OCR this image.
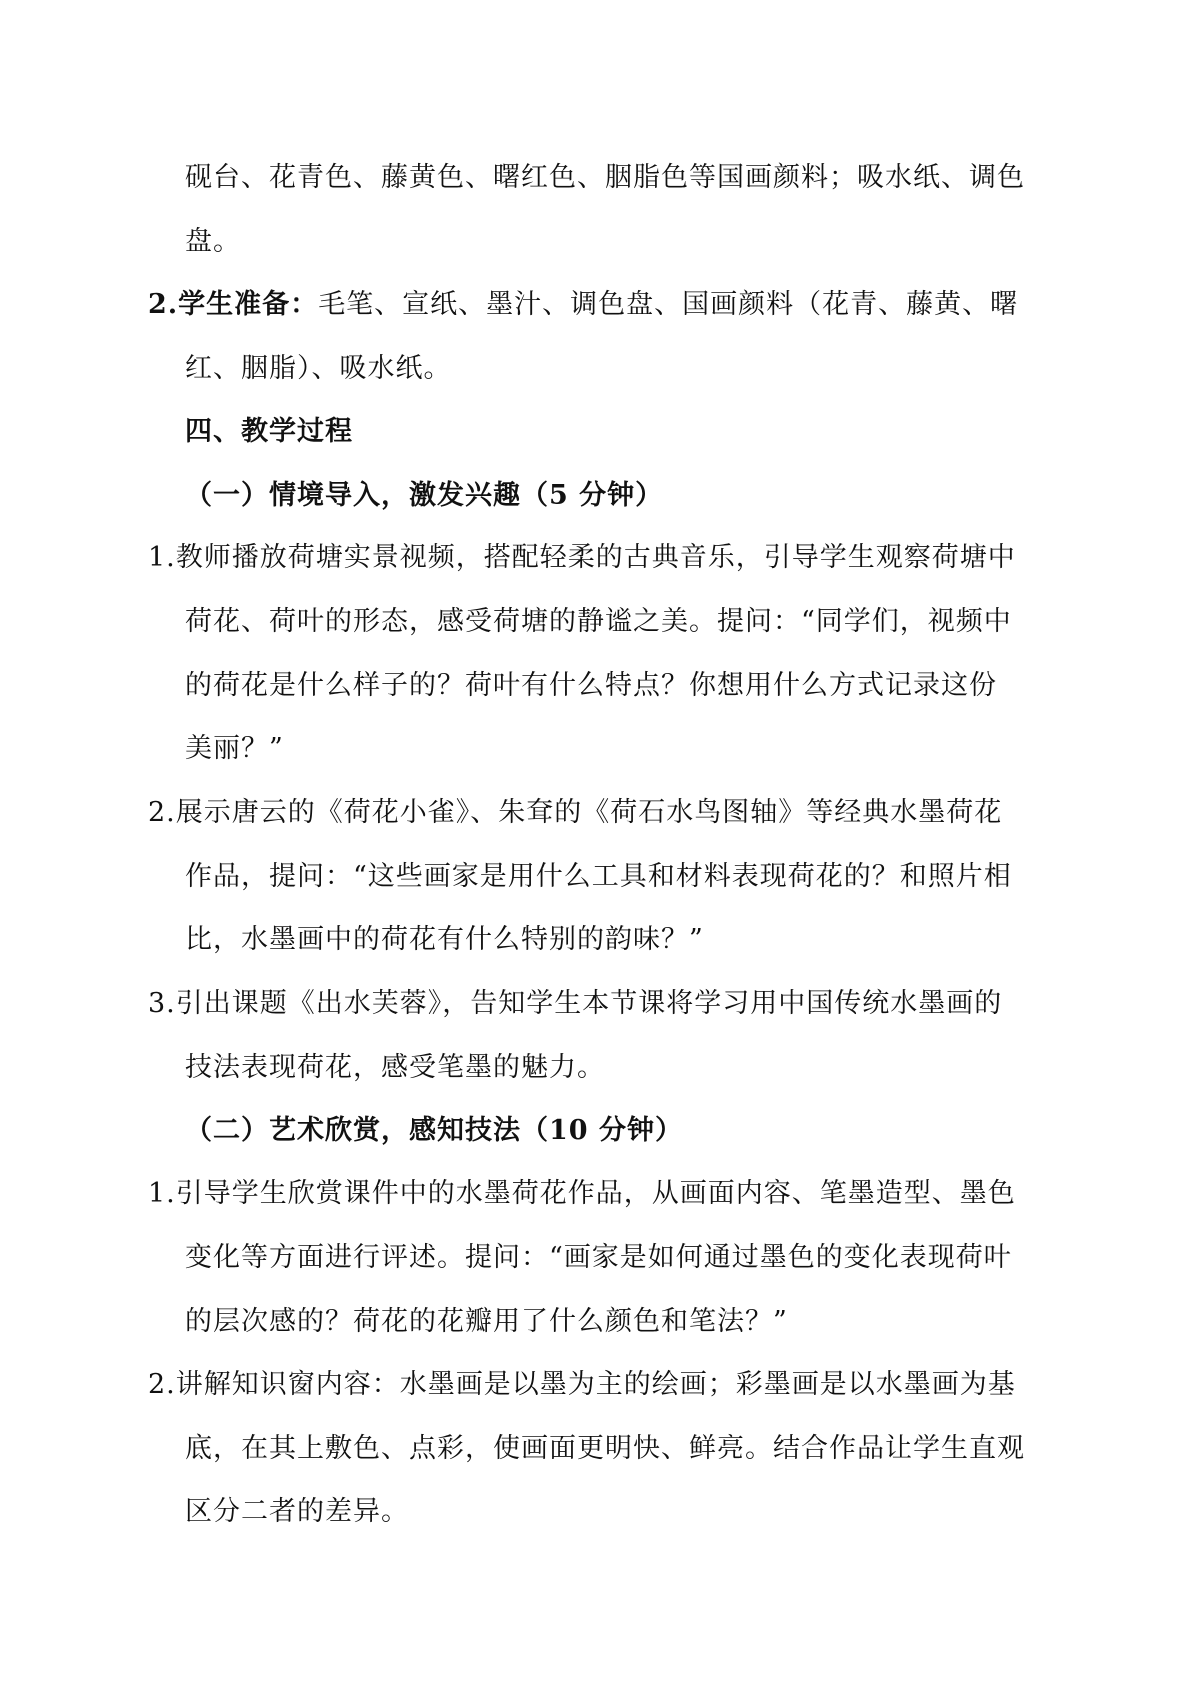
砚台、花青色、藤黄色、曙红色、胭脂色等国画颜料；吸水纸、调色
盘。
2.学生准备：毛笔、宣纸、墨汁、调色盘、国画颜料（花青、藤黄、曙
红、胭脂）、吸水纸。
四、教学过程
（一）情境导入，激发兴趣（5 分钟）
1.教师播放荷塘实景视频，搭配轻柔的古典音乐，引导学生观察荷塘中
荷花、荷叶的形态，感受荷塘的静谧之美。提问：“同学们，视频中
的荷花是什么样子的？荷叶有什么特点？你想用什么方式记录这份
美丽？”
2.展示唐云的《荷花小雀》、朱耷的《荷石水鸟图轴》等经典水墨荷花
作品，提问：“这些画家是用什么工具和材料表现荷花的？和照片相
比，水墨画中的荷花有什么特别的韵味？”
3.引出课题《出水芙蓉》，告知学生本节课将学习用中国传统水墨画的
技法表现荷花，感受笔墨的魅力。
（二）艺术欣赏，感知技法（10 分钟）
1.引导学生欣赏课件中的水墨荷花作品，从画面内容、笔墨造型、墨色
变化等方面进行评述。提问：“画家是如何通过墨色的变化表现荷叶
的层次感的？荷花的花瓣用了什么颜色和笔法？”
2.讲解知识窗内容：水墨画是以墨为主的绘画；彩墨画是以水墨画为基
底，在其上敷色、点彩，使画面更明快、鲜亮。结合作品让学生直观
区分二者的差异。
